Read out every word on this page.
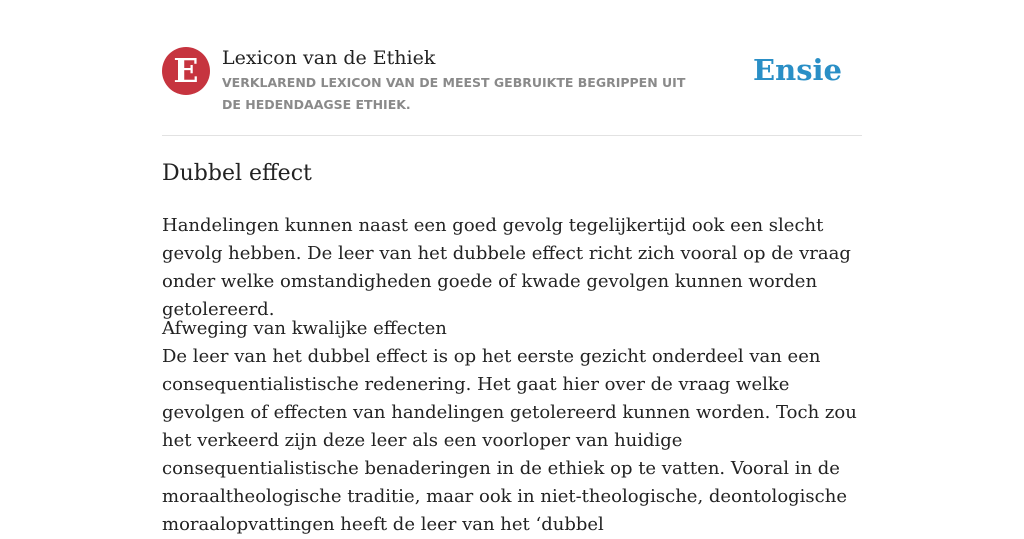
E	Lexicon van de Ethiek
VERKLAREND LEXICON VAN DE MEEST GEBRUIKTE BEGRIPPEN UIT DE HEDENDAAGSE ETHIEK.
Ensie
Dubbel effect

Handelingen kunnen naast een goed gevolg tegelijkertijd ook een slecht gevolg hebben. De leer van het dubbele effect richt zich vooral op de vraag onder welke omstandigheden goede of kwade gevolgen kunnen worden getolereerd.

Afweging van kwalijke effecten
De leer van het dubbel effect is op het eerste gezicht onderdeel van een consequentialistische redenering. Het gaat hier over de vraag welke gevolgen of effecten van handelingen getolereerd kunnen worden. Toch zou het verkeerd zijn deze leer als een voorloper van huidige consequentialistische benaderingen in de ethiek op te vatten. Vooral in de moraaltheologische traditie, maar ook in niet-theologische, deontologische moraalopvattingen heeft de leer van het ‘dubbel
